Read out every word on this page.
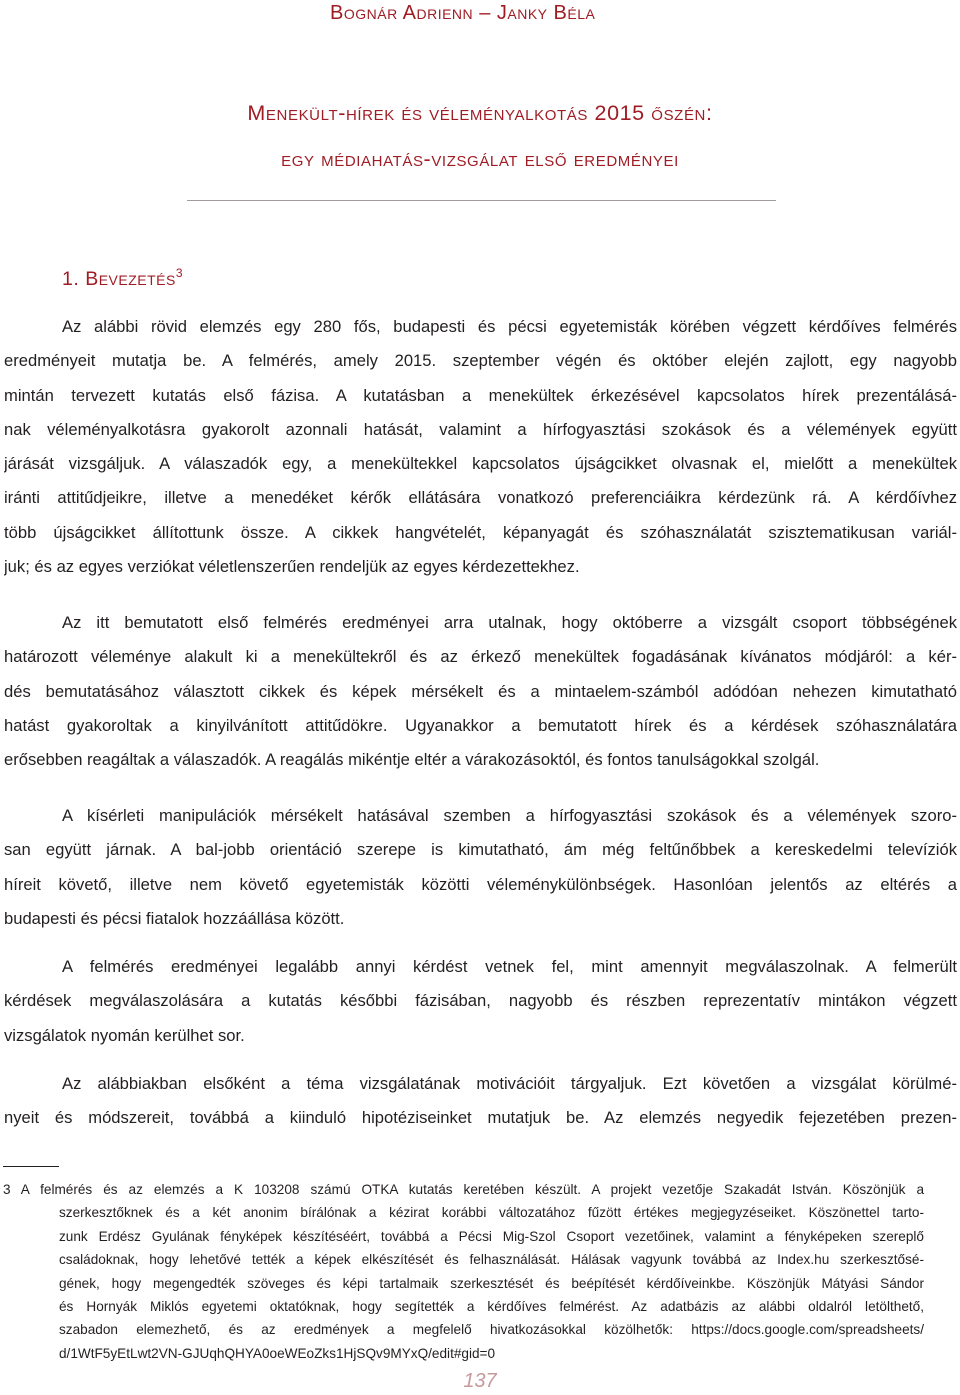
Bognár Adrienn – Janky Béla
Menekült-hírek és véleményalkotás 2015 őszén:
egy médiahatás-vizsgálat első eredményei
1. Bevezetés$^3$
Az alábbi rövid elemzés egy 280 fős, budapesti és pécsi egyetemisták körében végzett kérdőíves felmérés
eredményeit mutatja be. A felmérés, amely 2015. szeptember végén és október elején zajlott, egy nagyobb
mintán tervezett kutatás első fázisa. A kutatásban a menekültek érkezésével kapcsolatos hírek prezentálásá-
nak véleményalkotásra gyakorolt azonnali hatását, valamint a hírfogyasztási szokások és a vélemények együtt
járását vizsgáljuk. A válaszadók egy, a menekültekkel kapcsolatos újságcikket olvasnak el, mielőtt a menekültek
iránti attitűdjeikre, illetve a menedéket kérők ellátására vonatkozó preferenciáikra kérdezünk rá. A kérdőívhez
több újságcikket állítottunk össze. A cikkek hangvételét, képanyagát és szóhasználatát szisztematikusan variál-
juk; és az egyes verziókat véletlenszerűen rendeljük az egyes kérdezettekhez.
Az itt bemutatott első felmérés eredményei arra utalnak, hogy októberre a vizsgált csoport többségének
határozott véleménye alakult ki a menekültekről és az érkező menekültek fogadásának kívánatos módjáról: a kér-
dés bemutatásához választott cikkek és képek mérsékelt és a mintaelem-számból adódóan nehezen kimutatható
hatást gyakoroltak a kinyilvánított attitűdökre. Ugyanakkor a bemutatott hírek és a kérdések szóhasználatára
erősebben reagáltak a válaszadók. A reagálás mikéntje eltér a várakozásoktól, és fontos tanulságokkal szolgál.
A kísérleti manipulációk mérsékelt hatásával szemben a hírfogyasztási szokások és a vélemények szoro-
san együtt járnak. A bal-jobb orientáció szerepe is kimutatható, ám még feltűnőbbek a kereskedelmi televíziók
híreit követő, illetve nem követő egyetemisták közötti véleménykülönbségek. Hasonlóan jelentős az eltérés a
budapesti és pécsi fiatalok hozzáállása között.
A felmérés eredményei legalább annyi kérdést vetnek fel, mint amennyit megválaszolnak. A felmerült
kérdések megválaszolására a kutatás későbbi fázisában, nagyobb és részben reprezentatív mintákon végzett
vizsgálatok nyomán kerülhet sor.
Az alábbiakban elsőként a téma vizsgálatának motivációit tárgyaljuk. Ezt követően a vizsgálat körülmé-
nyeit és módszereit, továbbá a kiinduló hipotéziseinket mutatjuk be. Az elemzés negyedik fejezetében prezen-
3 A felmérés és az elemzés a K 103208 számú OTKA kutatás keretében készült. A projekt vezetője Szakadát István. Köszönjük a
szerkesztőknek és a két anonim bírálónak a kézirat korábbi változatához fűzött értékes megjegyzéseiket. Köszönettel tarto-
zunk Erdész Gyulának fényképek készítéséért, továbbá a Pécsi Mig-Szol Csoport vezetőinek, valamint a fényképeken szereplő
családoknak, hogy lehetővé tették a képek elkészítését és felhasználását. Hálásak vagyunk továbbá az Index.hu szerkesztősé-
gének, hogy megengedték szöveges és képi tartalmaik szerkesztését és beépítését kérdőíveinkbe. Köszönjük Mátyási Sándor
és Hornyák Miklós egyetemi oktatóknak, hogy segítették a kérdőíves felmérést. Az adatbázis az alábbi oldalról letölthető,
szabadon elemezhető, és az eredmények a megfelelő hivatkozásokkal közölhetők: https://docs.google.com/spreadsheets/
d/1WtF5yEtLwt2VN-GJUqhQHYA0oeWEoZks1HjSQv9MYxQ/edit#gid=0
137
